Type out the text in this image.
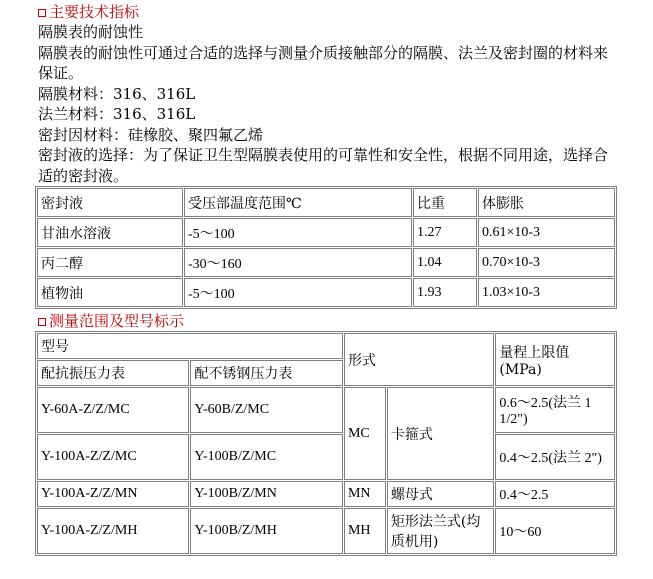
主要技术指标
隔膜表的耐蚀性
隔膜表的耐蚀性可通过合适的选择与测量介质接触部分的隔膜、法兰及密封圈的材料来保证。
隔膜材料：316、316L
法兰材料：316、316L
密封因材料：硅橡胶、聚四氟乙烯
密封液的选择：为了保证卫生型隔膜表使用的可靠性和安全性，根据不同用途，选择合适的密封液。
密封液	受压部温度范围℃	比重	体膨胀
甘油水溶液	-5～100	1.27	0.61×10-3
丙二醇	-30～160	1.04	0.70×10-3
植物油	-5～100	1.93	1.03×10-3
测量范围及型号标示
型号		形式		量程上限值(MPa)
配抗振压力表	配不锈钢压力表			
Y-60A-Z/Z/MC	Y-60B/Z/MC	MC	卡箍式	0.6～2.5(法兰 1 1/2")
Y-100A-Z/Z/MC	Y-100B/Z/MC			0.4～2.5(法兰 2")
Y-100A-Z/Z/MN	Y-100B/Z/MN	MN	螺母式	0.4～2.5
Y-100A-Z/Z/MH	Y-100B/Z/MH	MH	矩形法兰式(均质机用)	10～60
